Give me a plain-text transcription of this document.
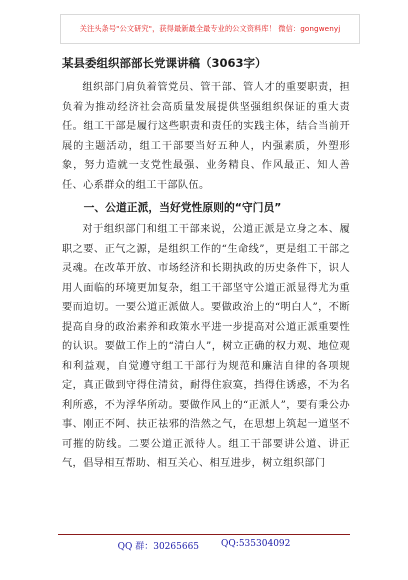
关注头条号"公文研究"，获得最新最全最专业的公文资料库！ 微信：gongwenyj
某县委组织部部长党课讲稿（3063字）

组织部门肩负着管党员、管干部、管人才的重要职责，担负着为推动经济社会高质量发展提供坚强组织保证的重大责任。组工干部是履行这些职责和责任的实践主体，结合当前开展的主题活动，组工干部要当好五种人，内强素质，外塑形象，努力造就一支党性最强、业务精良、作风最正、知人善任、心系群众的组工干部队伍。

一、公道正派，当好党性原则的“守门员”

对于组织部门和组工干部来说，公道正派是立身之本、履职之要、正气之源，是组织工作的“生命线”，更是组工干部之灵魂。在改革开放、市场经济和长期执政的历史条件下，识人用人面临的环境更加复杂，组工干部坚守公道正派显得尤为重要而迫切。一要公道正派做人。要做政治上的“明白人”，不断提高自身的政治素养和政策水平进一步提高对公道正派重要性的认识。要做工作上的“清白人”，树立正确的权力观、地位观和利益观，自觉遵守组工干部行为规范和廉洁自律的各项规定，真正做到守得住清贫，耐得住寂寞，挡得住诱惑，不为名利所惑，不为浮华所动。要做作风上的“正派人”，要有秉公办事、刚正不阿、扶正祛邪的浩然之气，在思想上筑起一道坚不可摧的防线。二要公道正派待人。组工干部要讲公道、讲正气，倡导相互帮助、相互关心、相互进步，树立组织部门

QQ 群：30265665 QQ:535304092
